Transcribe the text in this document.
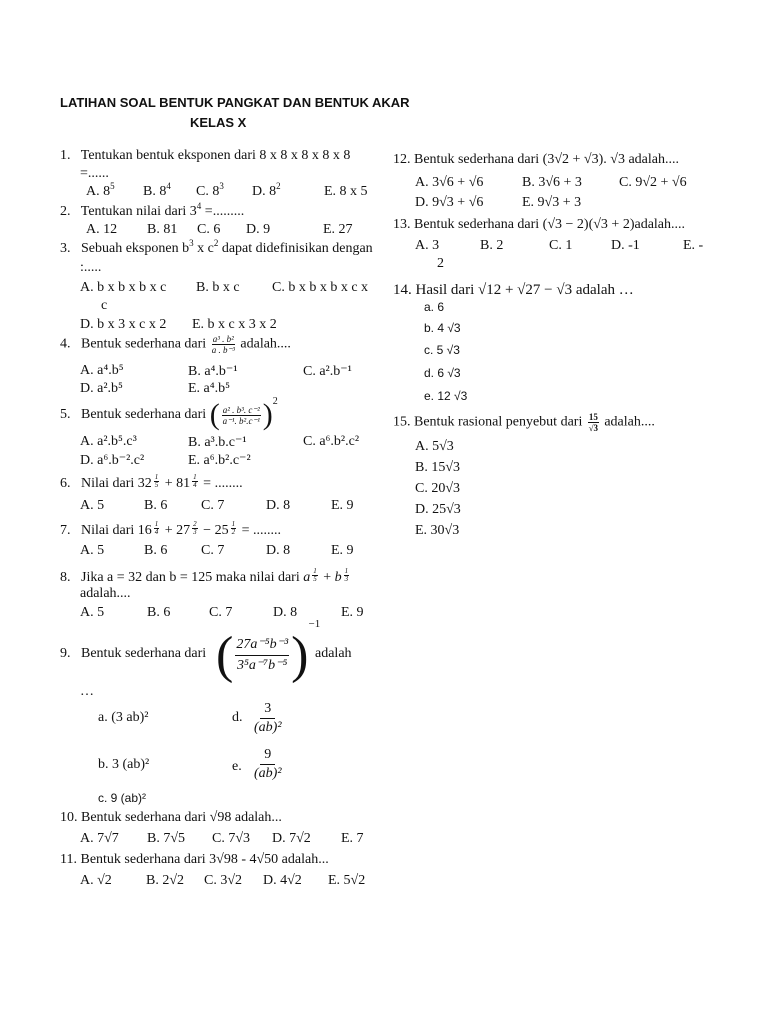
LATIHAN SOAL BENTUK PANGKAT DAN BENTUK AKAR
KELAS X
1. Tentukan bentuk eksponen dari 8 x 8 x 8 x 8 x 8
=......
A. $8^5$ B. $8^4$ C. $8^3$ D. $8^2$	E. 8 x 5
2. Tentukan nilai dari $3^4$ =.........
A. 12 B. 81 C. 6 D. 9	E. 27
3. Sebuah eksponen $b^3$ x $c^2$ dapat didefinisikan dengan
:.....
A. b x b x b x c B. b x c C. b x b x b x c x
c
D. b x 3 x c x 2 E. b x c x 3 x 2
4. Bentuk sederhana dari $\frac{\text{a³ . b²}}{\text{a . b⁻³}}$ adalah....
A. a⁴.b⁵	B. a⁴.b⁻¹	C. a².b⁻¹
D. a².b⁵	E. a⁴.b⁵
5. Bentuk sederhana dari ( $\frac{\text{a² . b³. c⁻²}}{\text{a⁻¹. b².c⁻¹}} )^2$
A. a².b⁵.c³	B. a³.b.c⁻¹	C. a⁶.b².c²
D. a⁶.b⁻².c²	E. a⁶.b².c⁻²
6. Nilai dari $32 \frac{1}{5} + 81 \frac{1}{4}$ = ........
A. 5	B. 6 C. 7	D. 8	E. 9
7. Nilai dari $16 \frac{1}{4} + 27 \frac{2}{3} - 25 \frac{1}{2}$ = ........
A. 5	B. 6 C. 7	D. 8	E. 9
8. Jika a = 32 dan b = 125 maka nilai dari a $\frac{1}{5} + b \frac{1}{3}$
adalah....
A. 5	B. 6	C. 7	D. 8	E. 9
9. Bentuk sederhana dari ( $\frac{\text{27a⁻⁵b⁻³}}{\text{3⁵a⁻⁷b⁻⁵}} )^{-1}$
adalah
…
a. (3 ab)²	d. $\frac{3}{\text{(ab)²}}$
b. 3 (ab)²	e. $\frac{9}{\text{(ab)²}}$
c. 9 (ab)²
10. Bentuk sederhana dari √98 adalah...
A. 7√7 B. 7√5 C. 7√3 D. 7√2 E. 7
11. Bentuk sederhana dari 3√98 - 4√50 adalah...
A. √2 B. 2√2 C. 3√2 D. 4√2 E. 5√2
12. Bentuk sederhana dari (3√2 + √3). √3 adalah....
A. 3√6 + √6	B. 3√6 + 3	C. 9√2 + √6
D. 9√3 + √6	E. 9√3 + 3
13. Bentuk sederhana dari (√3 − 2)(√3 + 2)adalah....
A. 3	B. 2	C. 1	D. -1	E. -
2
14. Hasil dari √12 + √27 − √3 adalah …
a. 6
b. 4 √3
c. 5 √3
d. 6 √3
e. 12 √3
15. Bentuk rasional penyebut dari $\frac{15}{√3}$ adalah....
A. 5√3
B. 15√3
C. 20√3
D. 25√3
E. 30√3
